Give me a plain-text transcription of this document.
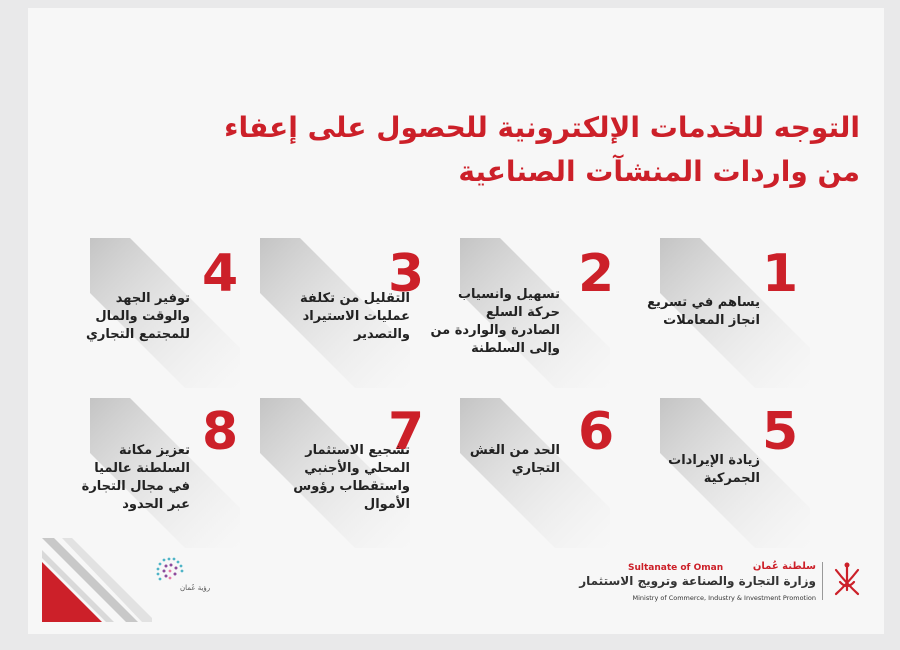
التوجه للخدمات الإلكترونية للحصول على إعفاء
من واردات المنشآت الصناعية
1
يساهم في تسريع
انجاز المعاملات
2
تسهيل وانسياب
حركة السلع
الصادرة والواردة من
وإلى السلطنة
3
التقليل من تكلفة
عمليات الاستيراد
والتصدير
4
توفير الجهد
والوقت والمال
للمجتمع التجاري
5
زيادة الإيرادات
الجمركية
6
الحد من الغش
التجاري
7
تشجيع الاستثمار
المحلي والأجنبي
واستقطاب رؤوس
الأموال
8
تعزيز مكانة
السلطنة عالميا
في مجال التجارة
عبر الحدود
رؤية عُمان
Sultanate of Oman	سلطنة عُمان
وزارة التجارة والصناعة وترويج الاستثمار
Ministry of Commerce, Industry & Investment Promotion
